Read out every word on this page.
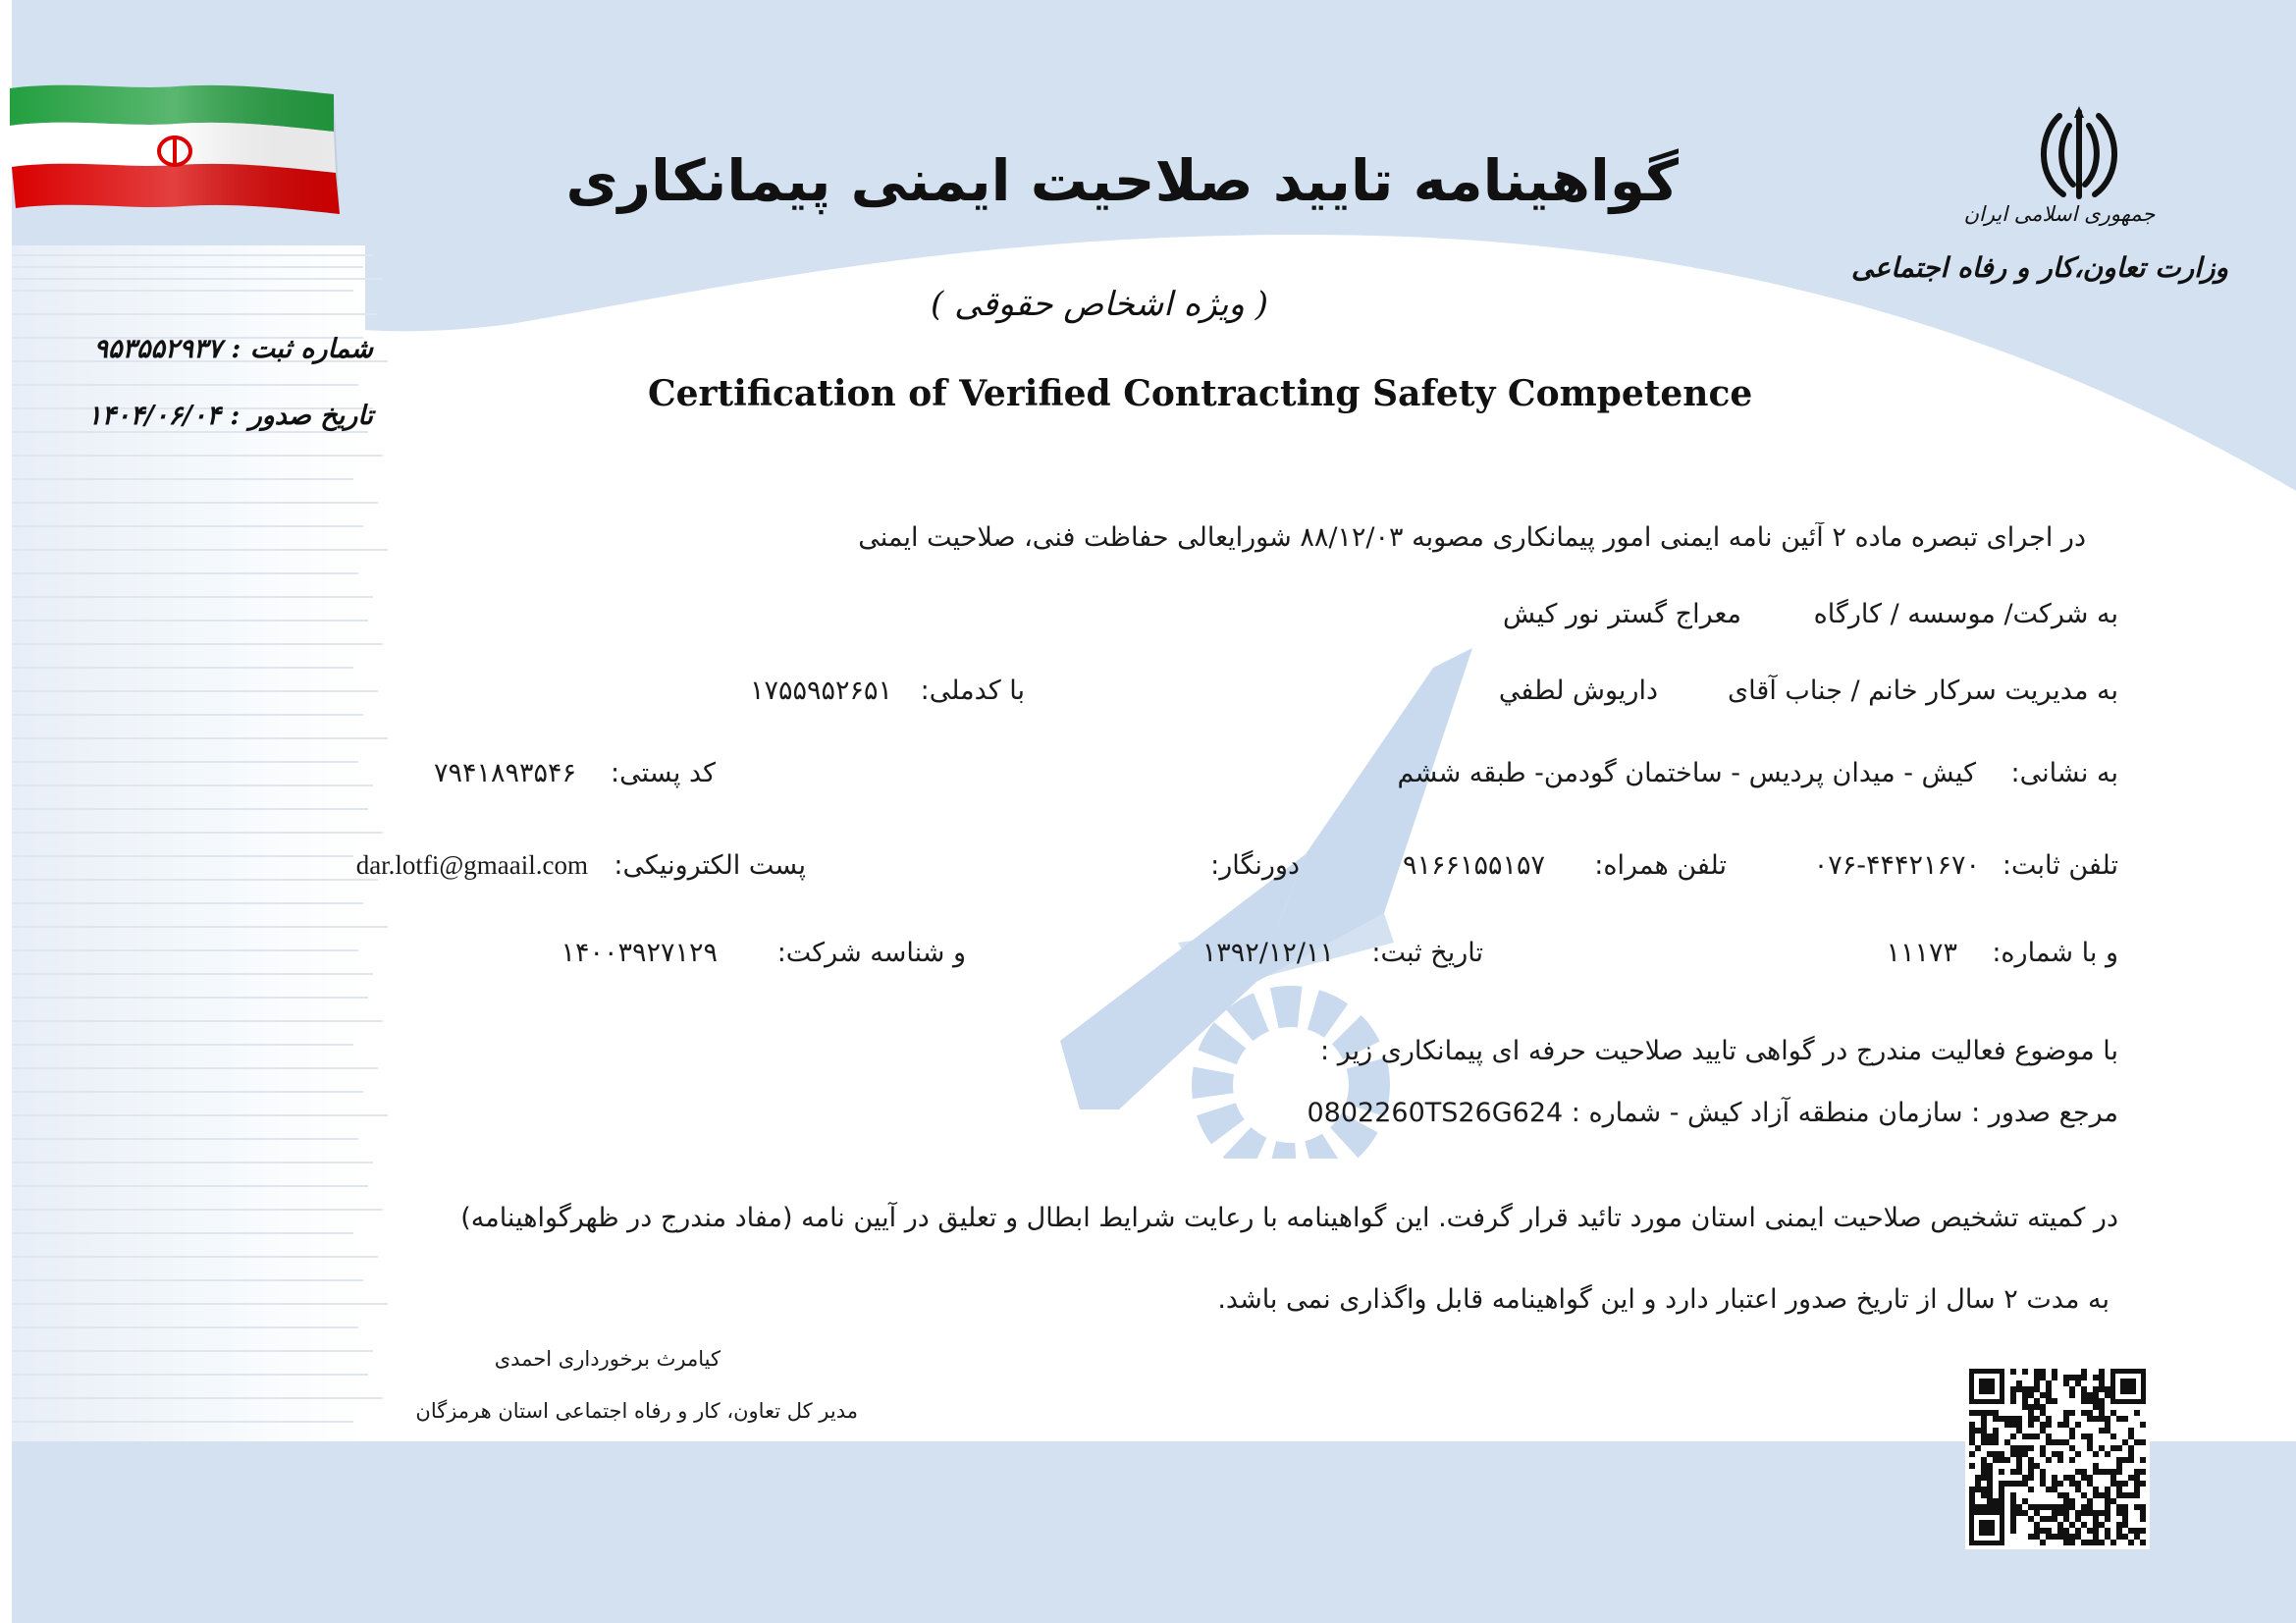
جمهوری اسلامی ایران
وزارت تعاون،کار و رفاه اجتماعی
گواهینامه تایید صلاحیت ایمنی پیمانکاری
( ویژه اشخاص حقوقی )
Certification of Verified Contracting Safety Competence
شماره ثبت : ۹۵۳۵۵۲۹۳۷
تاریخ صدور : ۱۴۰۴/۰۶/۰۴
در اجرای تبصره ماده ۲ آئین نامه ایمنی امور پیمانکاری مصوبه ۸۸/۱۲/۰۳ شورایعالی حفاظت فنی، صلاحیت ایمنی
به شرکت/ موسسه / کارگاه
معراج گستر نور کیش
به مدیریت سرکار خانم / جناب آقای
داریوش لطفي
با کدملی:
۱۷۵۵۹۵۲۶۵۱
به نشانی:
کیش - میدان پردیس - ساختمان گودمن- طبقه ششم
کد پستی:
۷۹۴۱۸۹۳۵۴۶
تلفن ثابت:
۰۷۶-۴۴۴۲۱۶۷۰
تلفن همراه:
۹۱۶۶۱۵۵۱۵۷
دورنگار:
پست الکترونیکی:
dar.lotfi@gmaail.com
و با شماره:
۱۱۱۷۳
تاریخ ثبت:
۱۳۹۲/۱۲/۱۱
و شناسه شرکت:
۱۴۰۰۳۹۲۷۱۲۹
با موضوع فعالیت مندرج در گواهی تایید صلاحیت حرفه ای پیمانکاری زیر :
مرجع صدور : سازمان منطقه آزاد کیش - شماره : 0802260TS26G624
در کمیته تشخیص صلاحیت ایمنی استان مورد تائید قرار گرفت. این گواهینامه با رعایت شرایط ابطال و تعلیق در آیین نامه (مفاد مندرج در ظهرگواهینامه)
به مدت ۲ سال از تاریخ صدور اعتبار دارد و این گواهینامه قابل واگذاری نمی باشد.
کیامرث برخورداری احمدی
مدیر کل تعاون، کار و رفاه اجتماعی استان هرمزگان
